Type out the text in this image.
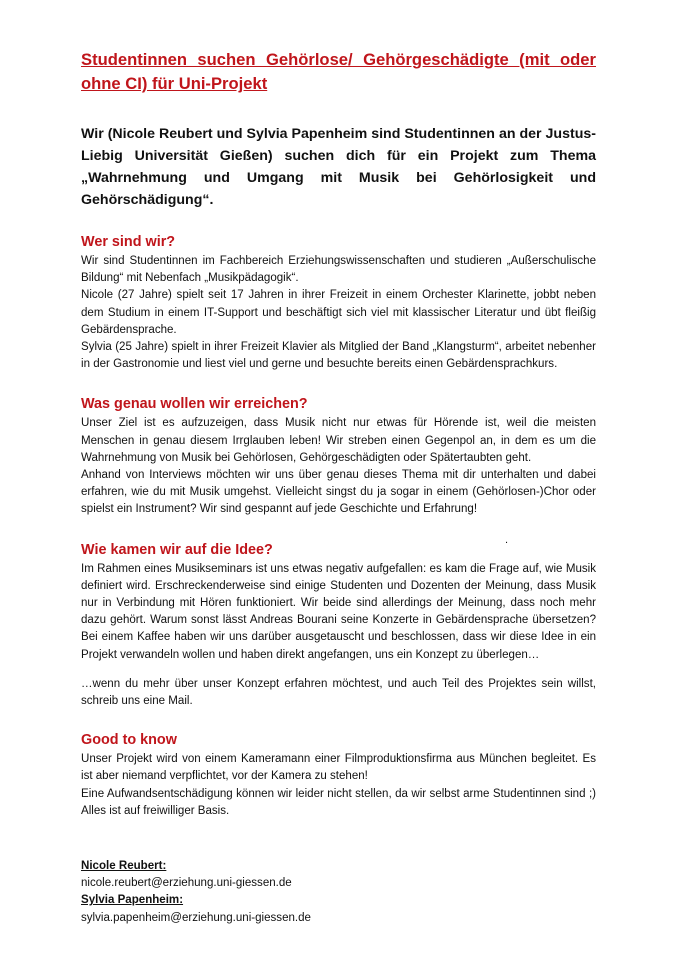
Studentinnen suchen Gehörlose/ Gehörgeschädigte (mit oder ohne CI) für Uni-Projekt
Wir (Nicole Reubert und Sylvia Papenheim sind Studentinnen an der Justus-Liebig Universität Gießen) suchen dich für ein Projekt zum Thema „Wahrnehmung und Umgang mit Musik bei Gehörlosigkeit und Gehörschädigung“.
Wer sind wir?

Wir sind Studentinnen im Fachbereich Erziehungswissenschaften und studieren „Außerschulische Bildung“ mit Nebenfach „Musikpädagogik“.

Nicole (27 Jahre) spielt seit 17 Jahren in ihrer Freizeit in einem Orchester Klarinette, jobbt neben dem Studium in einem IT-Support und beschäftigt sich viel mit klassischer Literatur und übt fleißig Gebärdensprache.

Sylvia (25 Jahre) spielt in ihrer Freizeit Klavier als Mitglied der Band „Klangsturm“, arbeitet nebenher in der Gastronomie und liest viel und gerne und besuchte bereits einen Gebärdensprachkurs.

Was genau wollen wir erreichen?

Unser Ziel ist es aufzuzeigen, dass Musik nicht nur etwas für Hörende ist, weil die meisten Menschen in genau diesem Irrglauben leben! Wir streben einen Gegenpol an, in dem es um die Wahrnehmung von Musik bei Gehörlosen, Gehörgeschädigten oder Spätertaubten geht.

Anhand von Interviews möchten wir uns über genau dieses Thema mit dir unterhalten und dabei erfahren, wie du mit Musik umgehst. Vielleicht singst du ja sogar in einem (Gehörlosen-)Chor oder spielst ein Instrument? Wir sind gespannt auf jede Geschichte und Erfahrung!

Wie kamen wir auf die Idee?

Im Rahmen eines Musikseminars ist uns etwas negativ aufgefallen: es kam die Frage auf, wie Musik definiert wird. Erschreckenderweise sind einige Studenten und Dozenten der Meinung, dass Musik nur in Verbindung mit Hören funktioniert. Wir beide sind allerdings der Meinung, dass noch mehr dazu gehört. Warum sonst lässt Andreas Bourani seine Konzerte in Gebärdensprache übersetzen? Bei einem Kaffee haben wir uns darüber ausgetauscht und beschlossen, dass wir diese Idee in ein Projekt verwandeln wollen und haben direkt angefangen, uns ein Konzept zu überlegen…

…wenn du mehr über unser Konzept erfahren möchtest, und auch Teil des Projektes sein willst, schreib uns eine Mail.

Good to know

Unser Projekt wird von einem Kameramann einer Filmproduktionsfirma aus München begleitet. Es ist aber niemand verpflichtet, vor der Kamera zu stehen!

Eine Aufwandsentschädigung können wir leider nicht stellen, da wir selbst arme Studentinnen sind ;) Alles ist auf freiwilliger Basis.

Nicole Reubert:
nicole.reubert@erziehung.uni-giessen.de
Sylvia Papenheim:
sylvia.papenheim@erziehung.uni-giessen.de
.
